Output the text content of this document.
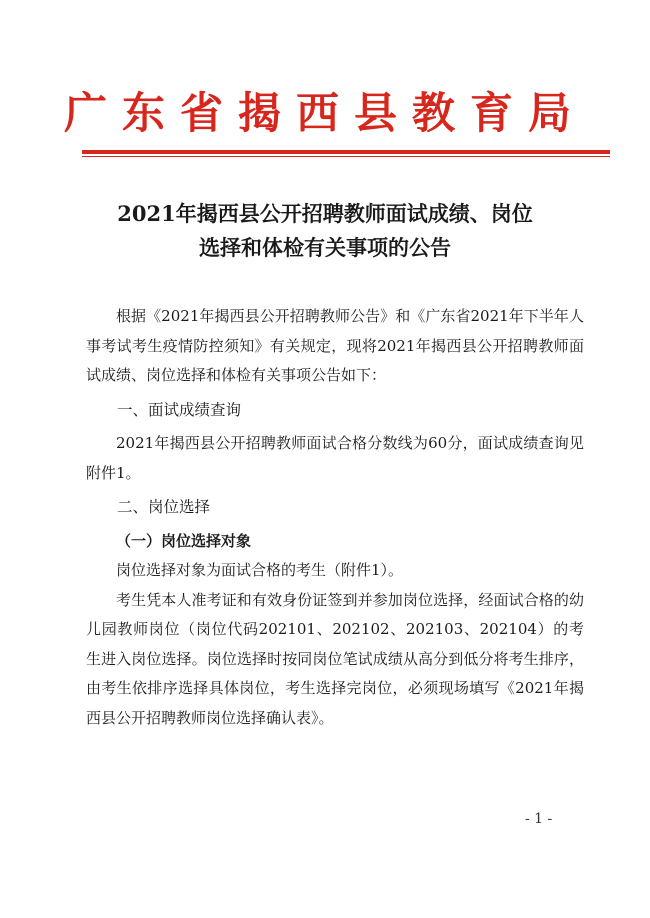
广东省揭西县教育局
2021年揭西县公开招聘教师面试成绩、岗位
选择和体检有关事项的公告

根据《2021年揭西县公开招聘教师公告》和《广东省2021年下半年人事考试考生疫情防控须知》有关规定，现将2021年揭西县公开招聘教师面试成绩、岗位选择和体检有关事项公告如下：

一、面试成绩查询

2021年揭西县公开招聘教师面试合格分数线为60分，面试成绩查询见附件1。

二、岗位选择
（一）岗位选择对象

岗位选择对象为面试合格的考生（附件1）。

考生凭本人准考证和有效身份证签到并参加岗位选择，经面试合格的幼儿园教师岗位（岗位代码202101、202102、202103、202104）的考生进入岗位选择。岗位选择时按同岗位笔试成绩从高分到低分将考生排序，由考生依排序选择具体岗位，考生选择完岗位，必须现场填写《2021年揭西县公开招聘教师岗位选择确认表》。

- 1 -
